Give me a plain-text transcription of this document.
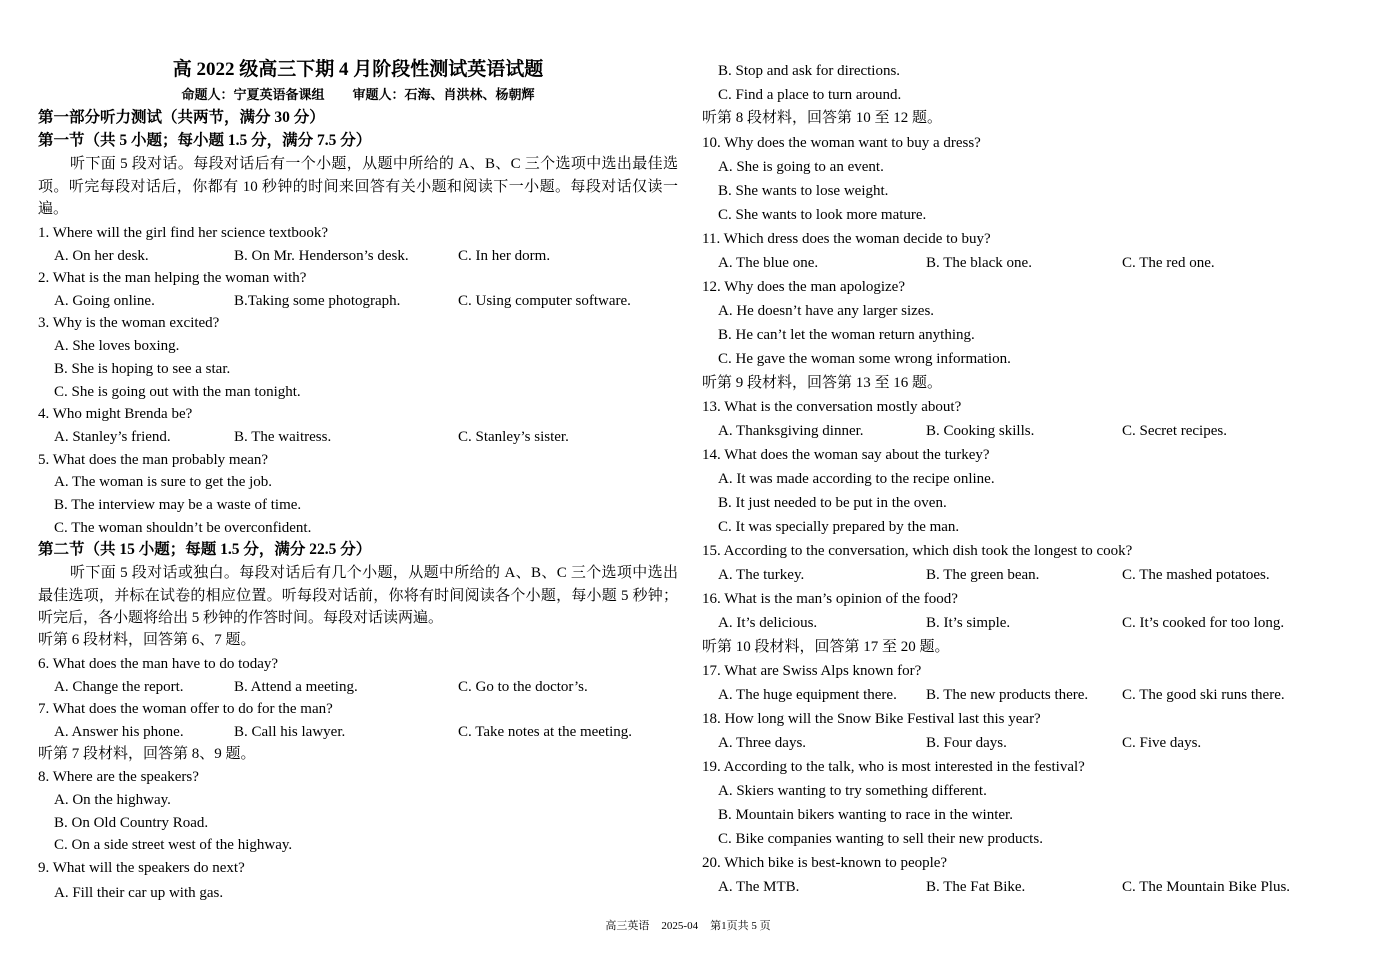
高 2022 级高三下期 4 月阶段性测试英语试题
命题人：宁夏英语备课组 审题人：石海、肖洪林、杨朝辉
第一部分听力测试（共两节，满分 30 分）
第一节（共 5 小题；每小题 1.5 分，满分 7.5 分）
听下面 5 段对话。每段对话后有一个小题，从题中所给的 A、B、C 三个选项中选出最佳选项。听完每段对话后，你都有 10 秒钟的时间来回答有关小题和阅读下一小题。每段对话仅读一遍。
1. Where will the girl find her science textbook?
A. On her desk.	B. On Mr. Henderson’s desk.	C. In her dorm.
2. What is the man helping the woman with?
A. Going online.	B.Taking some photograph.	C. Using computer software.
3. Why is the woman excited?
A. She loves boxing.
B. She is hoping to see a star.
C. She is going out with the man tonight.
4. Who might Brenda be?
A. Stanley’s friend.	B. The waitress.	C. Stanley’s sister.
5. What does the man probably mean?
A. The woman is sure to get the job.
B. The interview may be a waste of time.
C. The woman shouldn’t be overconfident.
第二节（共 15 小题；每题 1.5 分，满分 22.5 分）
听下面 5 段对话或独白。每段对话后有几个小题，从题中所给的 A、B、C 三个选项中选出最佳选项，并标在试卷的相应位置。听每段对话前，你将有时间阅读各个小题，每小题 5 秒钟；听完后，各小题将给出 5 秒钟的作答时间。每段对话读两遍。
听第 6 段材料，回答第 6、7 题。
6. What does the man have to do today?
A. Change the report.	B. Attend a meeting.	C. Go to the doctor’s.
7. What does the woman offer to do for the man?
A. Answer his phone.	B. Call his lawyer.	C. Take notes at the meeting.
听第 7 段材料，回答第 8、9 题。
8. Where are the speakers?
A. On the highway.
B. On Old Country Road.
C. On a side street west of the highway.
9. What will the speakers do next?
A. Fill their car up with gas.
B. Stop and ask for directions.
C. Find a place to turn around.
听第 8 段材料，回答第 10 至 12 题。
10. Why does the woman want to buy a dress?
A. She is going to an event.
B. She wants to lose weight.
C. She wants to look more mature.
11. Which dress does the woman decide to buy?
A. The blue one.	B. The black one.	C. The red one.
12. Why does the man apologize?
A. He doesn’t have any larger sizes.
B. He can’t let the woman return anything.
C. He gave the woman some wrong information.
听第 9 段材料，回答第 13 至 16 题。
13. What is the conversation mostly about?
A. Thanksgiving dinner.	B. Cooking skills.	C. Secret recipes.
14. What does the woman say about the turkey?
A. It was made according to the recipe online.
B. It just needed to be put in the oven.
C. It was specially prepared by the man.
15. According to the conversation, which dish took the longest to cook?
A. The turkey.	B. The green bean.	C. The mashed potatoes.
16. What is the man’s opinion of the food?
A. It’s delicious.	B. It’s simple.	C. It’s cooked for too long.
听第 10 段材料，回答第 17 至 20 题。
17. What are Swiss Alps known for?
A. The huge equipment there. B. The new products there. C. The good ski runs there.
18. How long will the Snow Bike Festival last this year?
A. Three days.	B. Four days.	C. Five days.
19. According to the talk, who is most interested in the festival?
A. Skiers wanting to try something different.
B. Mountain bikers wanting to race in the winter.
C. Bike companies wanting to sell their new products.
20. Which bike is best-known to people?
A. The MTB.	B. The Fat Bike.	C. The Mountain Bike Plus.
高三英语 2025-04 第1页共 5 页
